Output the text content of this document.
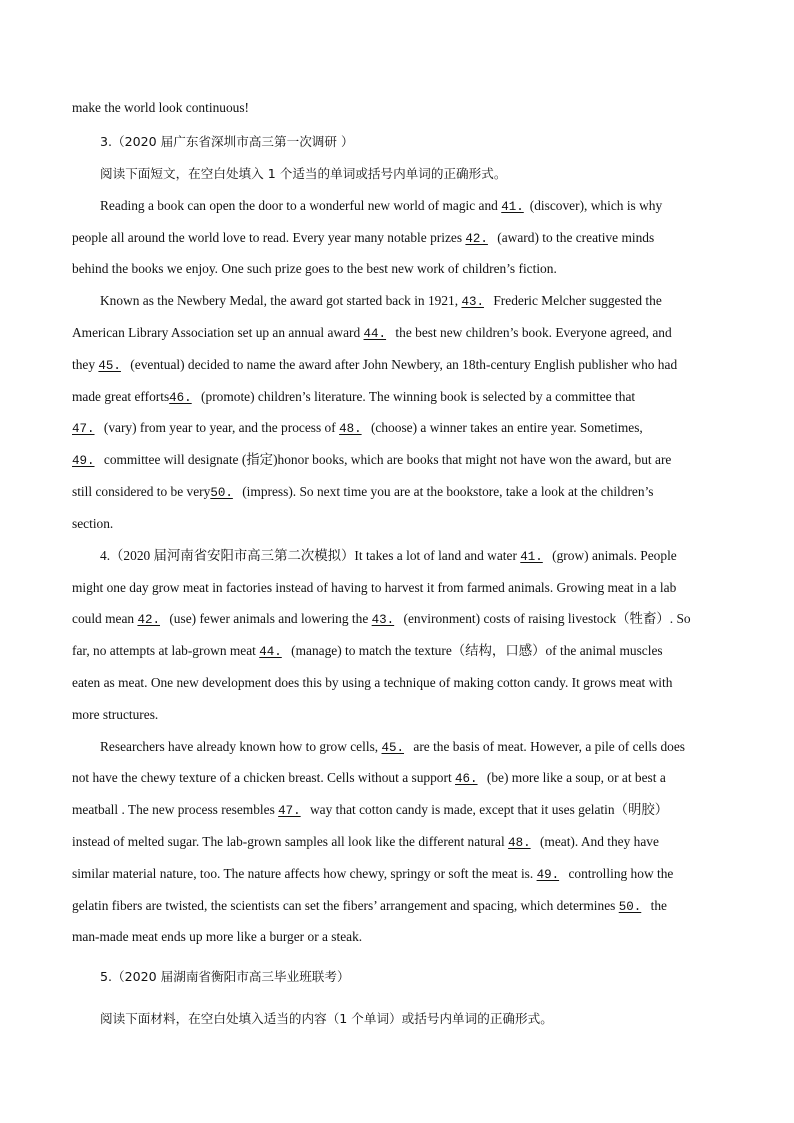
make the world look continuous!
3.（2020 届广东省深圳市高三第一次调研 ）
阅读下面短文，在空白处填入 1 个适当的单词或括号内单词的正确形式。
Reading a book can open the door to a wonderful new world of magic and 41. (discover), which is why
people all around the world love to read. Every year many notable prizes 42. (award) to the creative minds
behind the books we enjoy. One such prize goes to the best new work of children’s fiction.
Known as the Newbery Medal, the award got started back in 1921, 43. Frederic Melcher suggested the
American Library Association set up an annual award 44. the best new children’s book. Everyone agreed, and
they 45. (eventual) decided to name the award after John Newbery, an 18th-century English publisher who had
made great efforts46. (promote) children’s literature. The winning book is selected by a committee that
47. (vary) from year to year, and the process of 48. (choose) a winner takes an entire year. Sometimes,
49. committee will designate (指定)honor books, which are books that might not have won the award, but are
still considered to be very50. (impress). So next time you are at the bookstore, take a look at the children’s
section.
4.（2020 届河南省安阳市高三第二次模拟）It takes a lot of land and water 41. (grow) animals. People
might one day grow meat in factories instead of having to harvest it from farmed animals. Growing meat in a lab
could mean 42. (use) fewer animals and lowering the 43. (environment) costs of raising livestock（牲畜）. So
far, no attempts at lab-grown meat 44. (manage) to match the texture（结构，口感）of the animal muscles
eaten as meat. One new development does this by using a technique of making cotton candy. It grows meat with
more structures.
Researchers have already known how to grow cells, 45. are the basis of meat. However, a pile of cells does
not have the chewy texture of a chicken breast. Cells without a support 46. (be) more like a soup, or at best a
meatball . The new process resembles 47. way that cotton candy is made, except that it uses gelatin（明胶）
instead of melted sugar. The lab-grown samples all look like the different natural 48. (meat). And they have
similar material nature, too. The nature affects how chewy, springy or soft the meat is. 49. controlling how the
gelatin fibers are twisted, the scientists can set the fibers’ arrangement and spacing, which determines 50. the
man-made meat ends up more like a burger or a steak.
5.（2020 届湖南省衡阳市高三毕业班联考）
阅读下面材料，在空白处填入适当的内容（1 个单词）或括号内单词的正确形式。
